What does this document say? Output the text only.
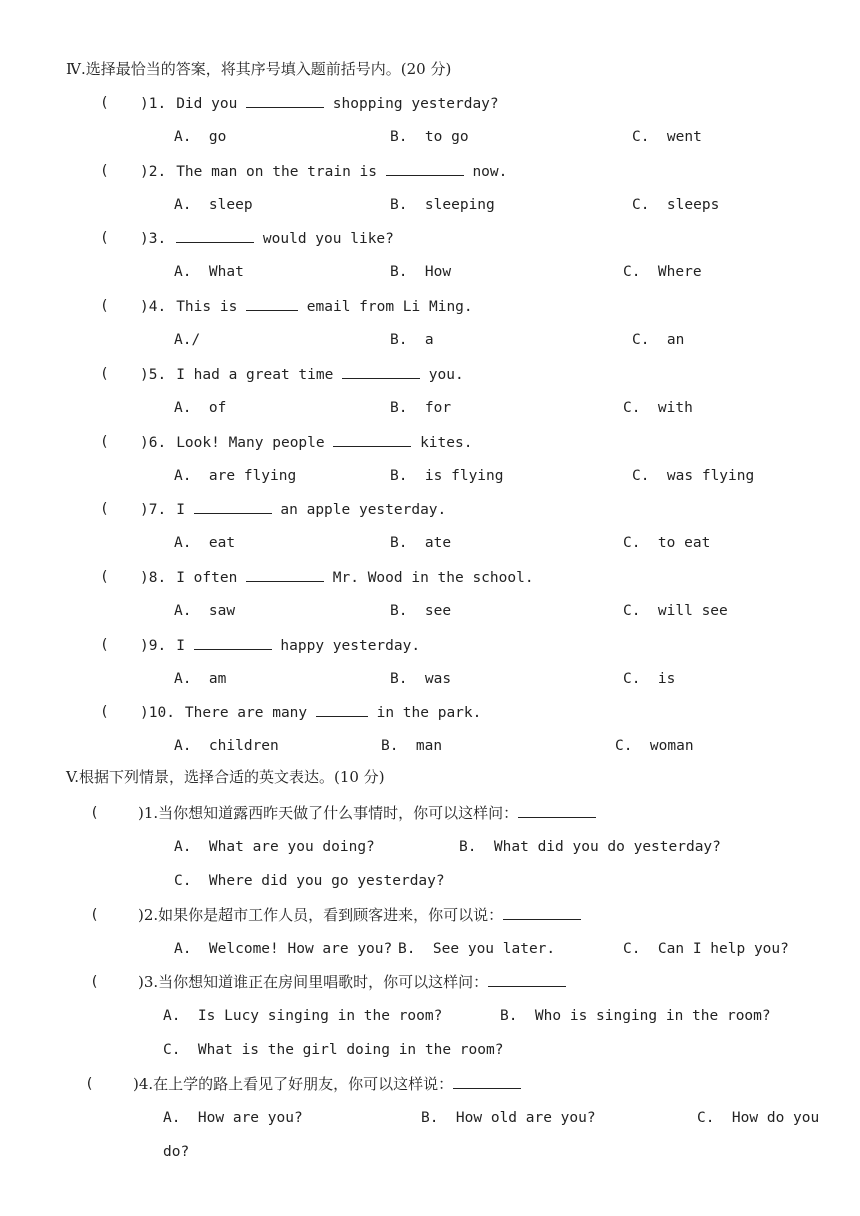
Ⅳ.选择最恰当的答案，将其序号填入题前括号内。(20 分)
( )1. Did you	shopping yesterday?
A.  go	B.  to go	C.  went
( )2. The man on the train is	now.
A.  sleep	B.  sleeping	C.  sleeps
( )3.	would you like?
A.  What	B.  How	C.  Where
( )4. This is	email from Li Ming.
A./	B.  a	C.  an
( )5. I had a great time	you.
A.  of	B.  for	C.  with
( )6. Look! Many people	kites.
A.  are flying	B.  is flying	C.  was flying
( )7. I	an apple yesterday.
A.  eat	B.  ate	C.  to eat
( )8. I often	Mr. Wood in the school.
A.  saw	B.  see	C.  will see
( )9. I	happy yesterday.
A.  am	B.  was	C.  is
( )10. There are many	in the park.
A.  children	B.  man	C.  woman
V.根据下列情景，选择合适的英文表达。(10 分)
(	)1.当你想知道露西昨天做了什么事情时，你可以这样问：
A.  What are you doing?	B.  What did you do yesterday?
C.  Where did you go yesterday?
(	)2.如果你是超市工作人员，看到顾客进来，你可以说：
A.  Welcome! How are you? B.  See you later.	C.  Can I help you?
(	)3.当你想知道谁正在房间里唱歌时，你可以这样问：
A.  Is Lucy singing in the room?	B.  Who is singing in the room?
C.  What is the girl doing in the room?
(	)4.在上学的路上看见了好朋友，你可以这样说：
A.  How are you?	B.  How old are you?	C.  How do you
do?
